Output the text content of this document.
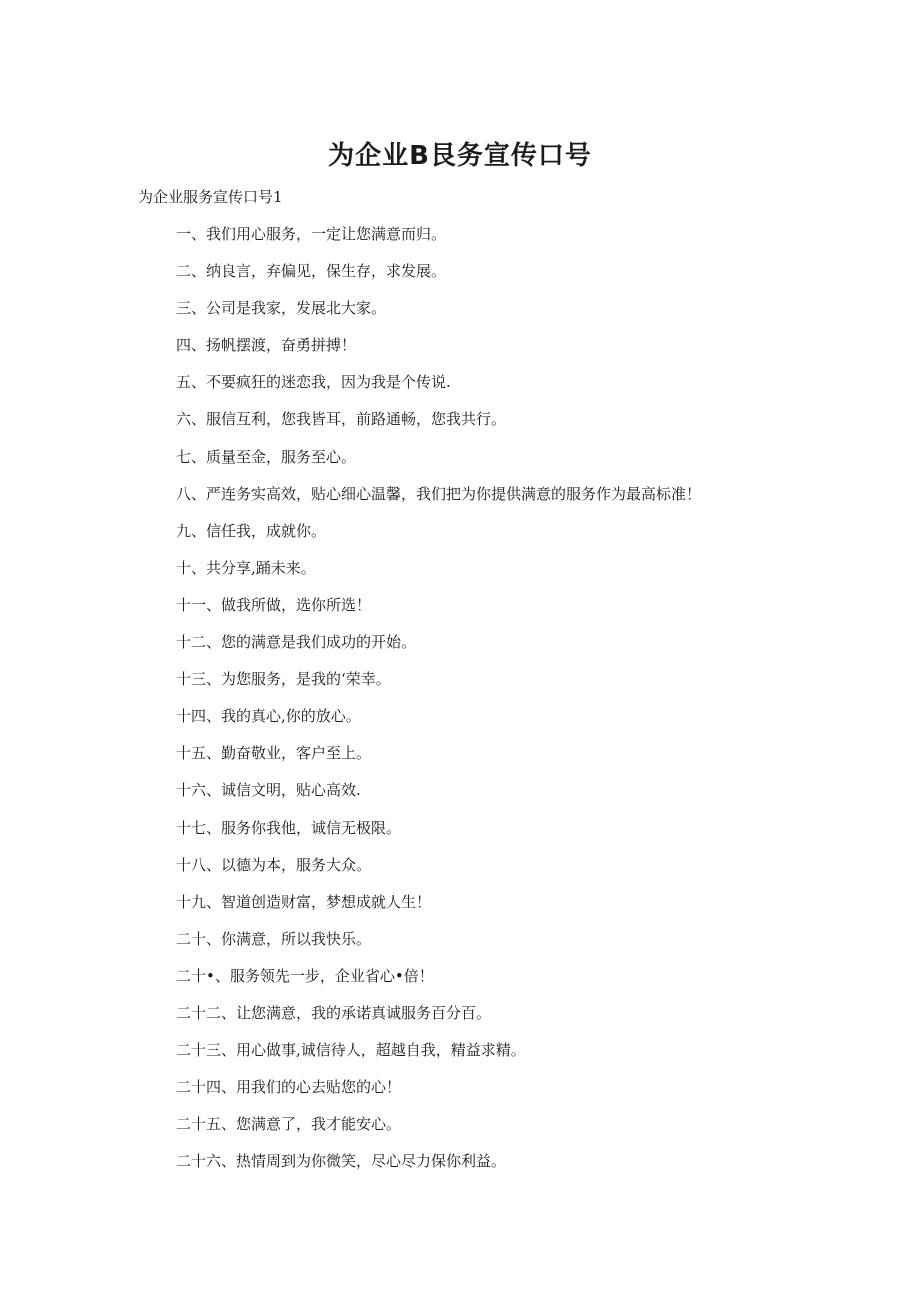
为企业B艮务宣传口号

为企业服务宣传口号1

一、我们用心服务，一定让您满意而归。
二、纳良言，弃偏见，保生存，求发展。
三、公司是我家，发展北大家。
四、扬帆摆渡，奋勇拼搏！
五、不要疯狂的迷恋我，因为我是个传说.
六、服信互利，您我皆耳，前路通畅，您我共行。
七、质量至金，服务至心。
八、严连务实高效，贴心细心温馨，我们把为你提供满意的服务作为最高标准！
九、信任我，成就你。
十、共分享,踊未来。
十一、做我所做，选你所选！
十二、您的满意是我们成功的开始。
十三、为您服务，是我的‘荣幸。
十四、我的真心,你的放心。
十五、勤奋敬业，客户至上。
十六、诚信文明，贴心高效.
十七、服务你我他，诚信无极限。
十八、以德为本，服务大众。
十九、智道创造财富，梦想成就人生！
二十、你满意，所以我快乐。
二十•、服务领先一步，企业省心•倍！
二十二、让您满意，我的承诺真诚服务百分百。
二十三、用心做事,诚信待人，超越自我，精益求精。
二十四、用我们的心去贴您的心！
二十五、您满意了，我才能安心。
二十六、热情周到为你微笑，尽心尽力保你利益。
